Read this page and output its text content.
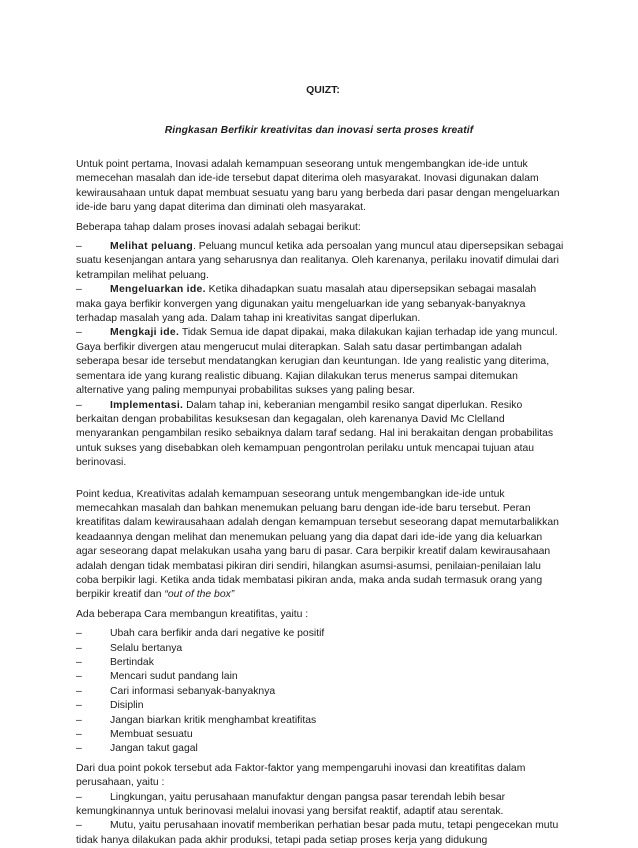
QUIZT:
Ringkasan Berfikir kreativitas dan inovasi serta proses kreatif

Untuk point pertama, Inovasi adalah kemampuan seseorang untuk mengembangkan ide-ide untuk memecehan masalah dan ide-ide tersebut dapat diterima oleh masyarakat. Inovasi digunakan dalam kewirausahaan untuk dapat membuat sesuatu yang baru yang berbeda dari pasar dengan mengeluarkan ide-ide baru yang dapat diterima dan diminati oleh masyarakat.

Beberapa tahap dalam proses inovasi adalah sebagai berikut:

–	Melihat peluang. Peluang muncul ketika ada persoalan yang muncul atau dipersepsikan sebagai suatu kesenjangan antara yang seharusnya dan realitanya. Oleh karenanya, perilaku inovatif dimulai dari ketrampilan melihat peluang.

–	Mengeluarkan ide. Ketika dihadapkan suatu masalah atau dipersepsikan sebagai masalah maka gaya berfikir konvergen yang digunakan yaitu mengeluarkan ide yang sebanyak-banyaknya terhadap masalah yang ada. Dalam tahap ini kreativitas sangat diperlukan.

–	Mengkaji ide. Tidak Semua ide dapat dipakai, maka dilakukan kajian terhadap ide yang muncul. Gaya berfikir divergen atau mengerucut mulai diterapkan. Salah satu dasar pertimbangan adalah seberapa besar ide tersebut mendatangkan kerugian dan keuntungan. Ide yang realistic yang diterima, sementara ide yang kurang realistic dibuang. Kajian dilakukan terus menerus sampai ditemukan alternative yang paling mempunyai probabilitas sukses yang paling besar.

–	Implementasi. Dalam tahap ini, keberanian mengambil resiko sangat diperlukan. Resiko berkaitan dengan probabilitas kesuksesan dan kegagalan, oleh karenanya David Mc Clelland menyarankan pengambilan resiko sebaiknya dalam taraf sedang. Hal ini berakaitan dengan probabilitas untuk sukses yang disebabkan oleh kemampuan pengontrolan perilaku untuk mencapai tujuan atau berinovasi.

Point kedua, Kreativitas adalah kemampuan seseorang untuk mengembangkan ide-ide untuk memecahkan masalah dan bahkan menemukan peluang baru dengan ide-ide baru tersebut. Peran kreatifitas dalam kewirausahaan adalah dengan kemampuan tersebut seseorang dapat memutarbalikkan keadaannya dengan melihat dan menemukan peluang yang dia dapat dari ide-ide yang dia keluarkan agar seseorang dapat melakukan usaha yang baru di pasar. Cara berpikir kreatif dalam kewirausahaan adalah dengan tidak membatasi pikiran diri sendiri, hilangkan asumsi-asumsi, penilaian-penilaian lalu coba berpikir lagi. Ketika anda tidak membatasi pikiran anda, maka anda sudah termasuk orang yang berpikir kreatif dan “out of the box”

Ada beberapa Cara membangun kreatifitas, yaitu :

–	Ubah cara berfikir anda dari negative ke positif
–	Selalu bertanya
–	Bertindak
–	Mencari sudut pandang lain
–	Cari informasi sebanyak-banyaknya
–	Disiplin
–	Jangan biarkan kritik menghambat kreatifitas
–	Membuat sesuatu
–	Jangan takut gagal

Dari dua point pokok tersebut ada Faktor-faktor yang mempengaruhi inovasi dan kreatifitas dalam perusahaan, yaitu :

–	Lingkungan, yaitu perusahaan manufaktur dengan pangsa pasar terendah lebih besar kemungkinannya untuk berinovasi melalui inovasi yang bersifat reaktif, adaptif atau serentak.

–	Mutu, yaitu perusahaan inovatif memberikan perhatian besar pada mutu, tetapi pengecekan mutu tidak hanya dilakukan pada akhir produksi, tetapi pada setiap proses kerja yang didukung
